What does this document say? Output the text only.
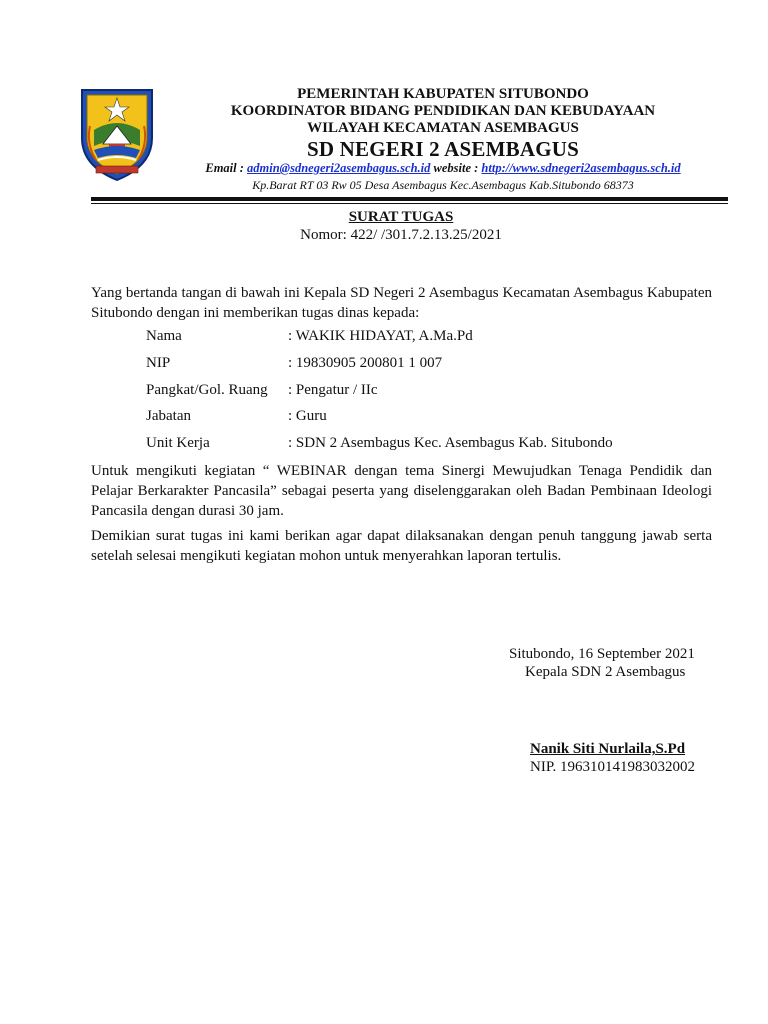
PEMERINTAH KABUPATEN SITUBONDO
KOORDINATOR BIDANG PENDIDIKAN DAN KEBUDAYAAN
WILAYAH KECAMATAN ASEMBAGUS
SD NEGERI 2 ASEMBAGUS
Email : admin@sdnegeri2asembagus.sch.id website : http://www.sdnegeri2asembagus.sch.id
Kp.Barat RT 03 Rw 05 Desa Asembagus Kec.Asembagus Kab.Situbondo 68373
SURAT TUGAS
Nomor: 422/ /301.7.2.13.25/2021

Yang bertanda tangan di bawah ini Kepala SD Negeri 2 Asembagus Kecamatan Asembagus Kabupaten Situbondo dengan ini memberikan tugas dinas kepada:

Nama	: WAKIK HIDAYAT, A.Ma.Pd
NIP	: 19830905 200801 1 007
Pangkat/Gol. Ruang : Pengatur / IIc
Jabatan	: Guru
Unit Kerja	: SDN 2 Asembagus Kec. Asembagus Kab. Situbondo

Untuk mengikuti kegiatan “ WEBINAR dengan tema Sinergi Mewujudkan Tenaga Pendidik dan Pelajar Berkarakter Pancasila” sebagai peserta yang diselenggarakan oleh Badan Pembinaan Ideologi Pancasila dengan durasi 30 jam.

Demikian surat tugas ini kami berikan agar dapat dilaksanakan dengan penuh tanggung jawab serta setelah selesai mengikuti kegiatan mohon untuk menyerahkan laporan tertulis.

Situbondo, 16 September 2021
Kepala SDN 2 Asembagus
Nanik Siti Nurlaila,S.Pd
NIP. 196310141983032002
